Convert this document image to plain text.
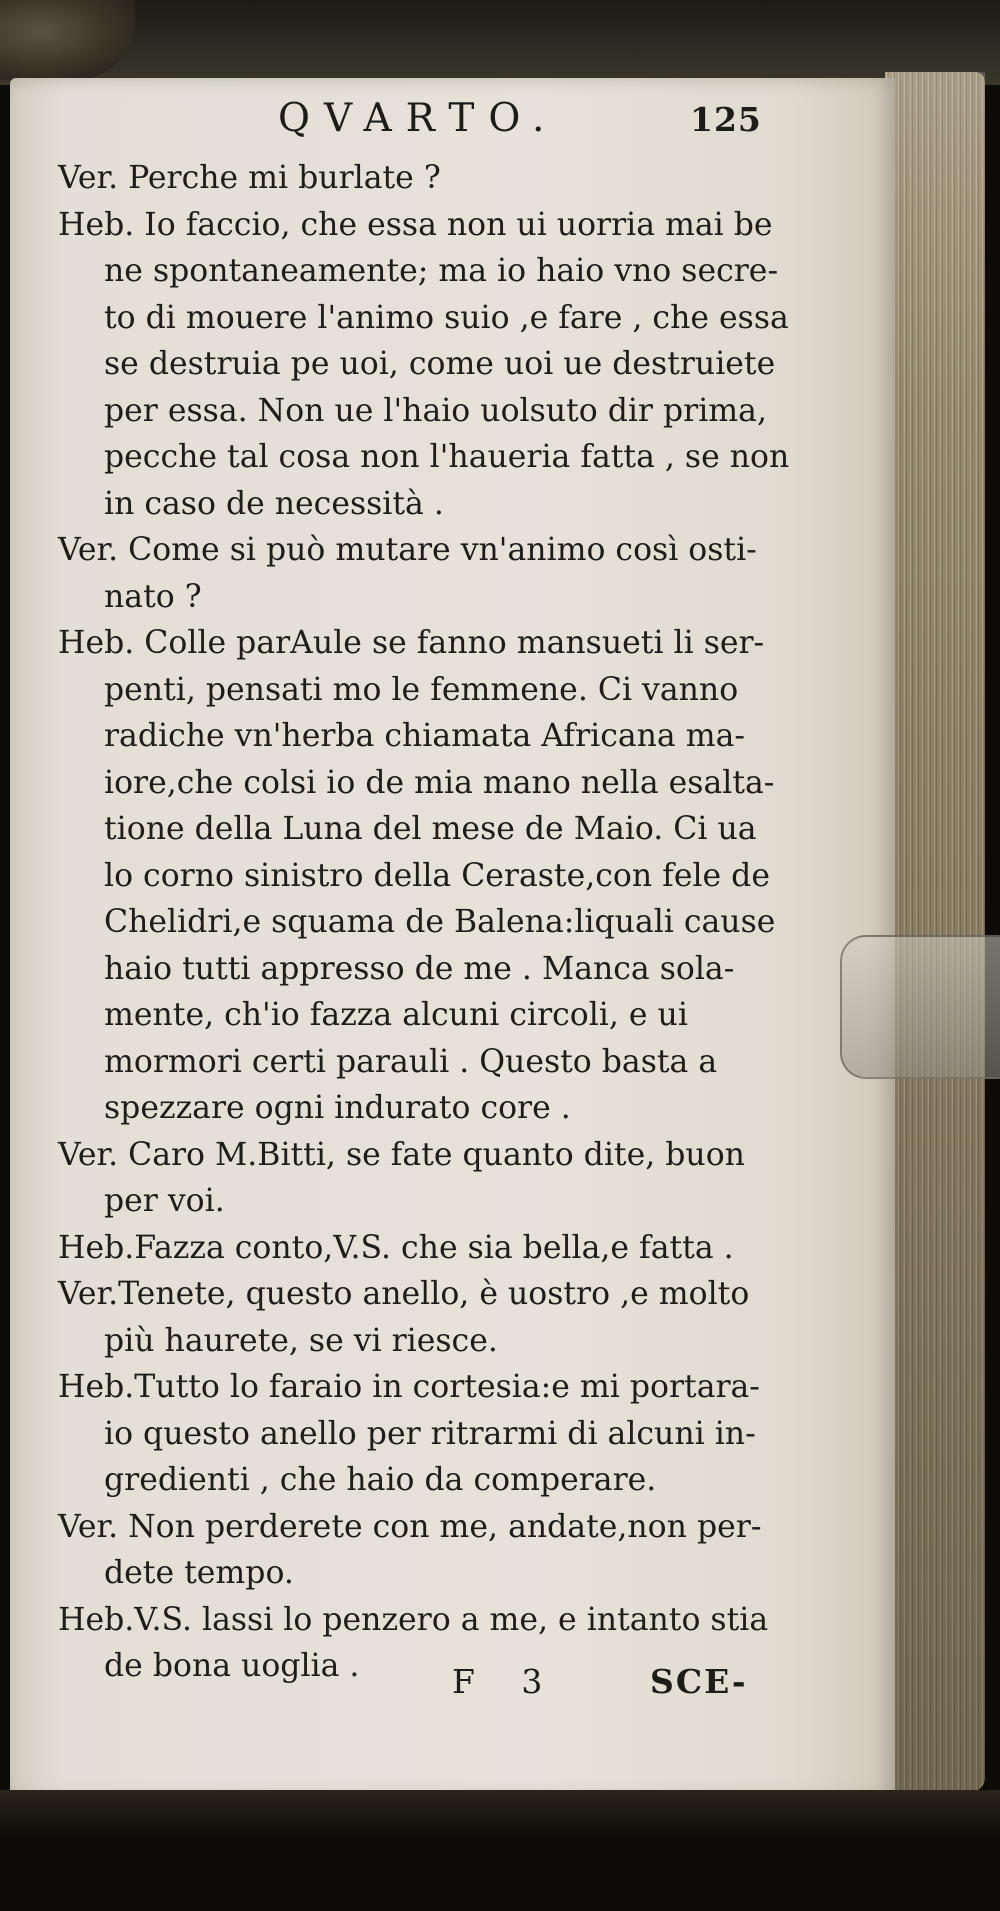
QVARTO.	125
Ver. Perche mi burlate ?
Heb. Io faccio, che essa non ui uorria mai be
ne spontaneamente; ma io haio vno secre-
to di mouere l'animo suio ,e fare , che essa
se destruia pe uoi, come uoi ue destruiete
per essa. Non ue l'haio uolsuto dir prima,
pecche tal cosa non l'haueria fatta , se non
in caso de necessità .
Ver. Come si può mutare vn'animo così osti-
nato ?
Heb. Colle parAule se fanno mansueti li ser-
penti, pensati mo le femmene. Ci vanno
radiche vn'herba chiamata Africana ma-
iore,che colsi io de mia mano nella esalta-
tione della Luna del mese de Maio. Ci ua
lo corno sinistro della Ceraste,con fele de
Chelidri,e squama de Balena:liquali cause
haio tutti appresso de me . Manca sola-
mente, ch'io fazza alcuni circoli, e ui
mormori certi parauli . Questo basta a
spezzare ogni indurato core .
Ver. Caro M.Bitti, se fate quanto dite, buon
per voi.
Heb.Fazza conto,V.S. che sia bella,e fatta .
Ver.Tenete, questo anello, è uostro ,e molto
più haurete, se vi riesce.
Heb.Tutto lo faraio in cortesia:e mi portara-
io questo anello per ritrarmi di alcuni in-
gredienti , che haio da comperare.
Ver. Non perderete con me, andate,non per-
dete tempo.
Heb.V.S. lassi lo penzero a me, e intanto stia
de bona uoglia .	F 3	SCE-
